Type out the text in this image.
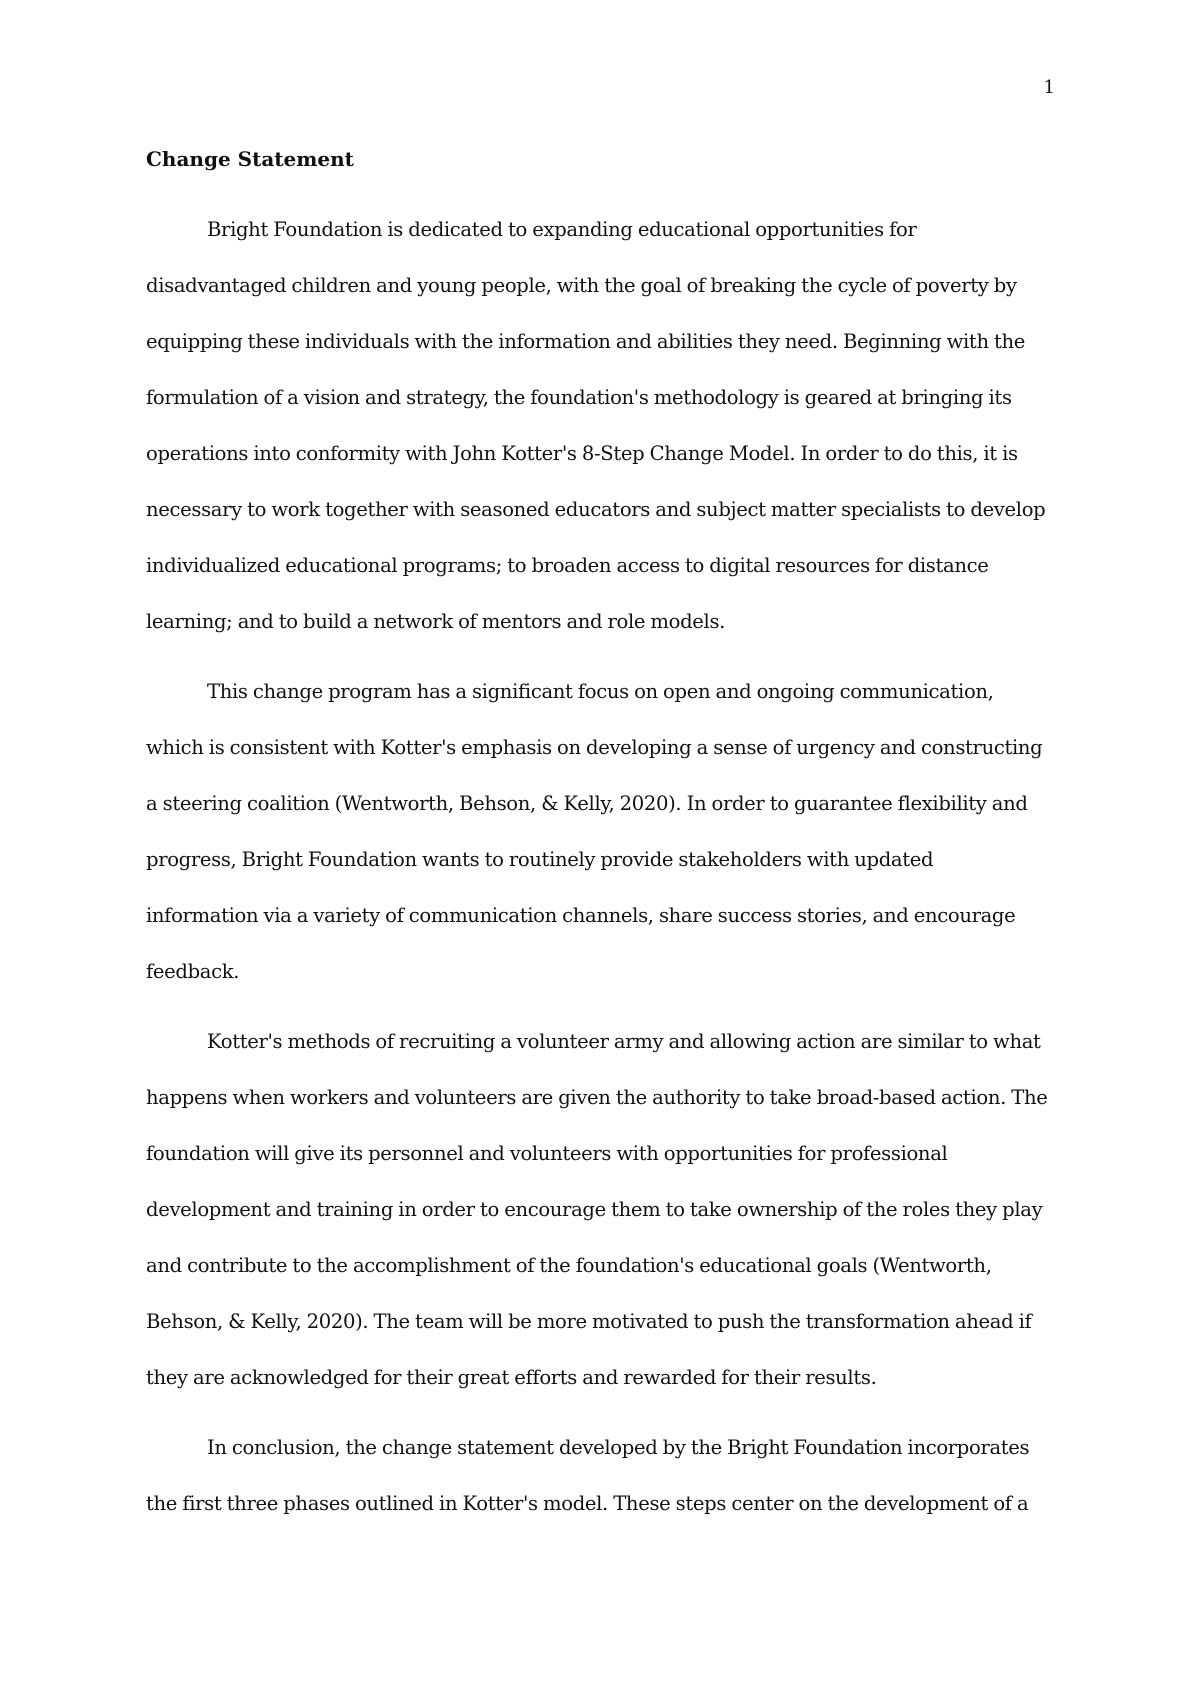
1
Change Statement
Bright Foundation is dedicated to expanding educational opportunities for
disadvantaged children and young people, with the goal of breaking the cycle of poverty by
equipping these individuals with the information and abilities they need. Beginning with the
formulation of a vision and strategy, the foundation's methodology is geared at bringing its
operations into conformity with John Kotter's 8-Step Change Model. In order to do this, it is
necessary to work together with seasoned educators and subject matter specialists to develop
individualized educational programs; to broaden access to digital resources for distance
learning; and to build a network of mentors and role models.
This change program has a significant focus on open and ongoing communication,
which is consistent with Kotter's emphasis on developing a sense of urgency and constructing
a steering coalition (Wentworth, Behson, & Kelly, 2020). In order to guarantee flexibility and
progress, Bright Foundation wants to routinely provide stakeholders with updated
information via a variety of communication channels, share success stories, and encourage
feedback.
Kotter's methods of recruiting a volunteer army and allowing action are similar to what
happens when workers and volunteers are given the authority to take broad-based action. The
foundation will give its personnel and volunteers with opportunities for professional
development and training in order to encourage them to take ownership of the roles they play
and contribute to the accomplishment of the foundation's educational goals (Wentworth,
Behson, & Kelly, 2020). The team will be more motivated to push the transformation ahead if
they are acknowledged for their great efforts and rewarded for their results.
In conclusion, the change statement developed by the Bright Foundation incorporates
the first three phases outlined in Kotter's model. These steps center on the development of a
